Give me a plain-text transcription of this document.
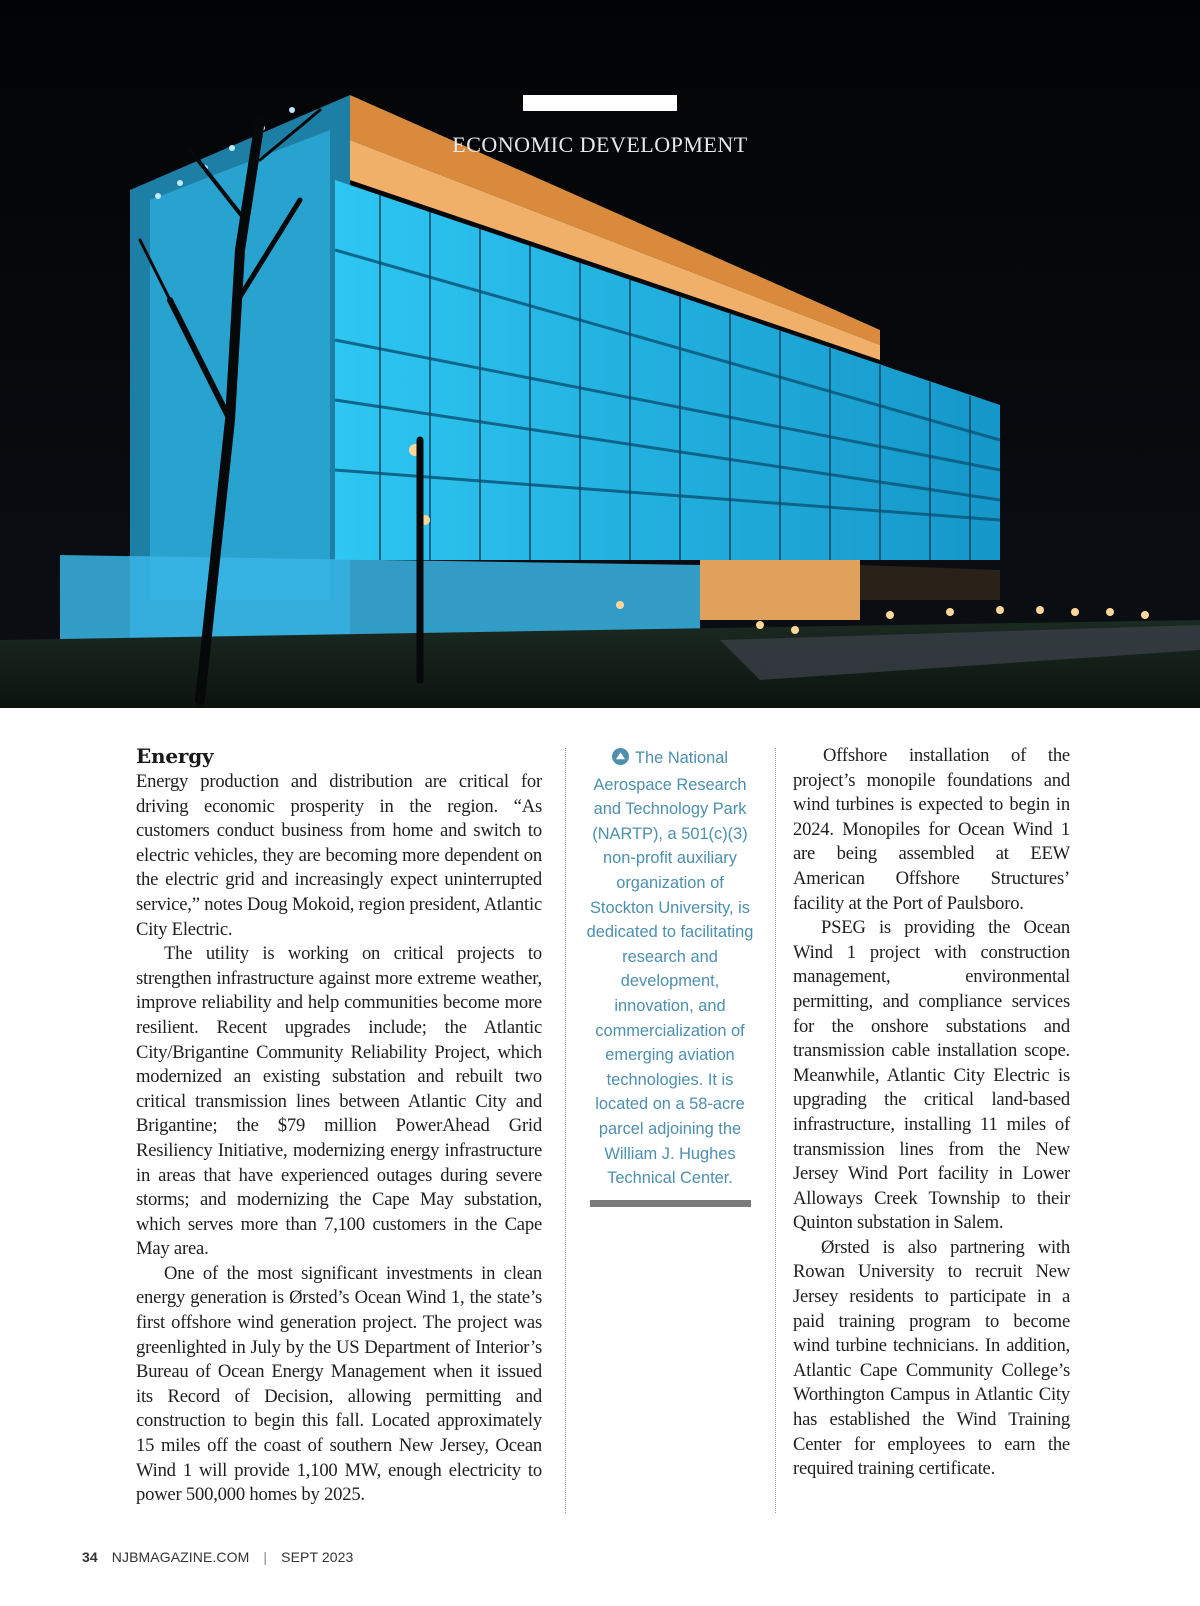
ECONOMIC DEVELOPMENT
Energy

Energy production and distribution are critical for driving economic prosperity in the region. “As customers conduct business from home and switch to electric vehicles, they are becoming more dependent on the electric grid and increasingly expect uninterrupted service,” notes Doug Mokoid, region president, Atlantic City Electric.

The utility is working on critical projects to strengthen infrastructure against more extreme weather, improve reliability and help communities become more resilient. Recent upgrades include; the Atlantic City/Brigantine Community Reliability Project, which modernized an existing substation and rebuilt two critical transmission lines between Atlantic City and Brigantine; the $79 million PowerAhead Grid Resiliency Initiative, modernizing energy infrastructure in areas that have experienced outages during severe storms; and modernizing the Cape May substation, which serves more than 7,100 customers in the Cape May area.

One of the most significant investments in clean energy generation is Ørsted’s Ocean Wind 1, the state’s first offshore wind generation project. The project was greenlighted in July by the US Department of Interior’s Bureau of Ocean Energy Management when it issued its Record of Decision, allowing permitting and construction to begin this fall. Located approximately 15 miles off the coast of southern New Jersey, Ocean Wind 1 will provide 1,100 MW, enough electricity to power 500,000 homes by 2025.

The National Aerospace Research and Technology Park (NARTP), a 501(c)(3) non-profit auxiliary organization of Stockton University, is dedicated to facilitating research and development, innovation, and commercialization of emerging aviation technologies. It is located on a 58-acre parcel adjoining the William J. Hughes Technical Center.

Offshore installation of the project’s monopile foundations and wind turbines is expected to begin in 2024. Monopiles for Ocean Wind 1 are being assembled at EEW American Offshore Structures’ facility at the Port of Paulsboro.

PSEG is providing the Ocean Wind 1 project with construction management, environmental permitting, and compliance services for the onshore substations and transmission cable installation scope. Meanwhile, Atlantic City Electric is upgrading the critical land-based infrastructure, installing 11 miles of transmission lines from the New Jersey Wind Port facility in Lower Alloways Creek Township to their Quinton substation in Salem.

Ørsted is also partnering with Rowan University to recruit New Jersey residents to participate in a paid training program to become wind turbine technicians. In addition, Atlantic Cape Community College’s Worthington Campus in Atlantic City has established the Wind Training Center for employees to earn the required training certificate.

34 NJBMAGAZINE.COM | SEPT 2023
